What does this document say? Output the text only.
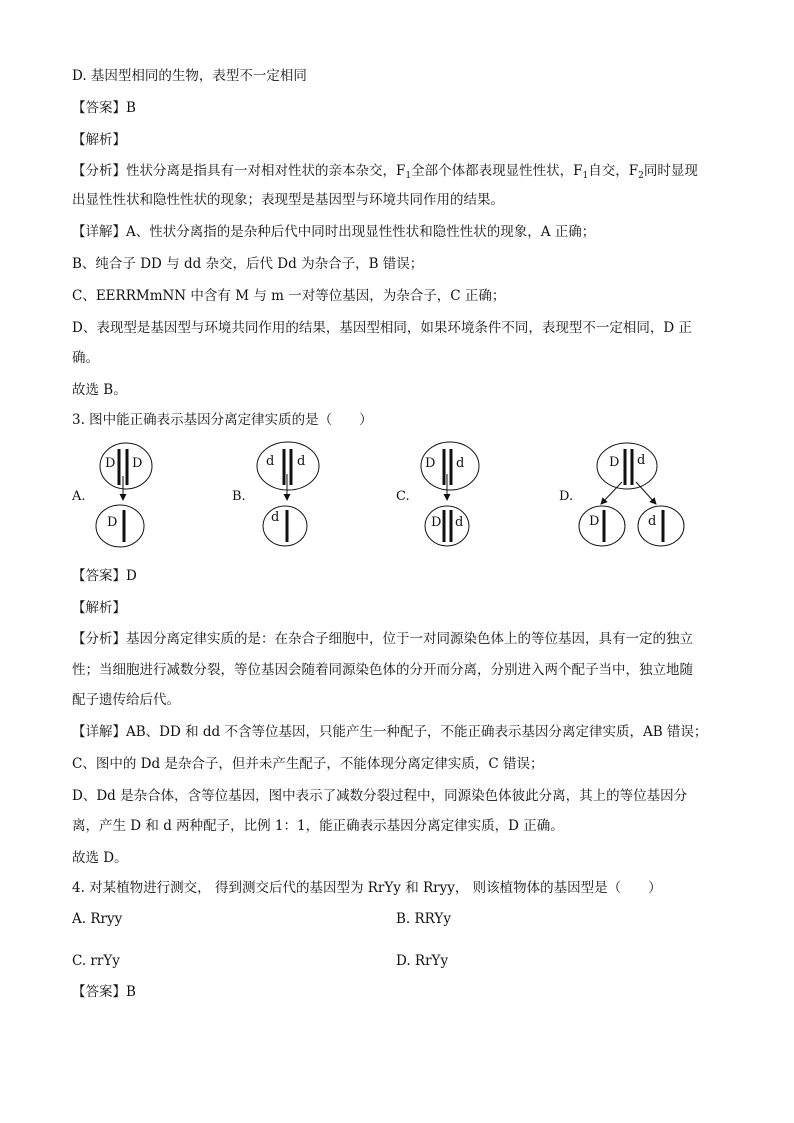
D. 基因型相同的生物，表型不一定相同
【答案】B
【解析】
【分析】性状分离是指具有一对相对性状的亲本杂交，$F_1$全部个体都表现显性性状，$F_1$自交，$F_2$同时显现
出显性性状和隐性性状的现象；表现型是基因型与环境共同作用的结果。
【详解】A、性状分离指的是杂种后代中同时出现显性性状和隐性性状的现象，A 正确；
B、纯合子 DD 与 dd 杂交，后代 Dd 为杂合子，B 错误；
C、EERRMmNN 中含有 M 与 m 一对等位基因，为杂合子，C 正确；
D、表现型是基因型与环境共同作用的结果，基因型相同，如果环境条件不同，表现型不一定相同，D 正
确。
故选 B。
3. 图中能正确表示基因分离定律实质的是（　　）
A.	B.	C.	D.
D D
D
d d
d
D d
D d
D d
D	d
【答案】D
【解析】
【分析】基因分离定律实质的是：在杂合子细胞中，位于一对同源染色体上的等位基因，具有一定的独立
性；当细胞进行减数分裂，等位基因会随着同源染色体的分开而分离，分别进入两个配子当中，独立地随
配子遗传给后代。
【详解】AB、DD 和 dd 不含等位基因，只能产生一种配子，不能正确表示基因分离定律实质，AB 错误；
C、图中的 Dd 是杂合子，但并未产生配子，不能体现分离定律实质，C 错误；
D、Dd 是杂合体，含等位基因，图中表示了减数分裂过程中，同源染色体彼此分离，其上的等位基因分
离，产生 D 和 d 两种配子，比例 1：1，能正确表示基因分离定律实质，D 正确。
故选 D。
4. 对某植物进行测交， 得到测交后代的基因型为 RrYy 和 Rryy， 则该植物体的基因型是（　　）
A. Rryy	B. RRYy
C. rrYy	D. RrYy
【答案】B
